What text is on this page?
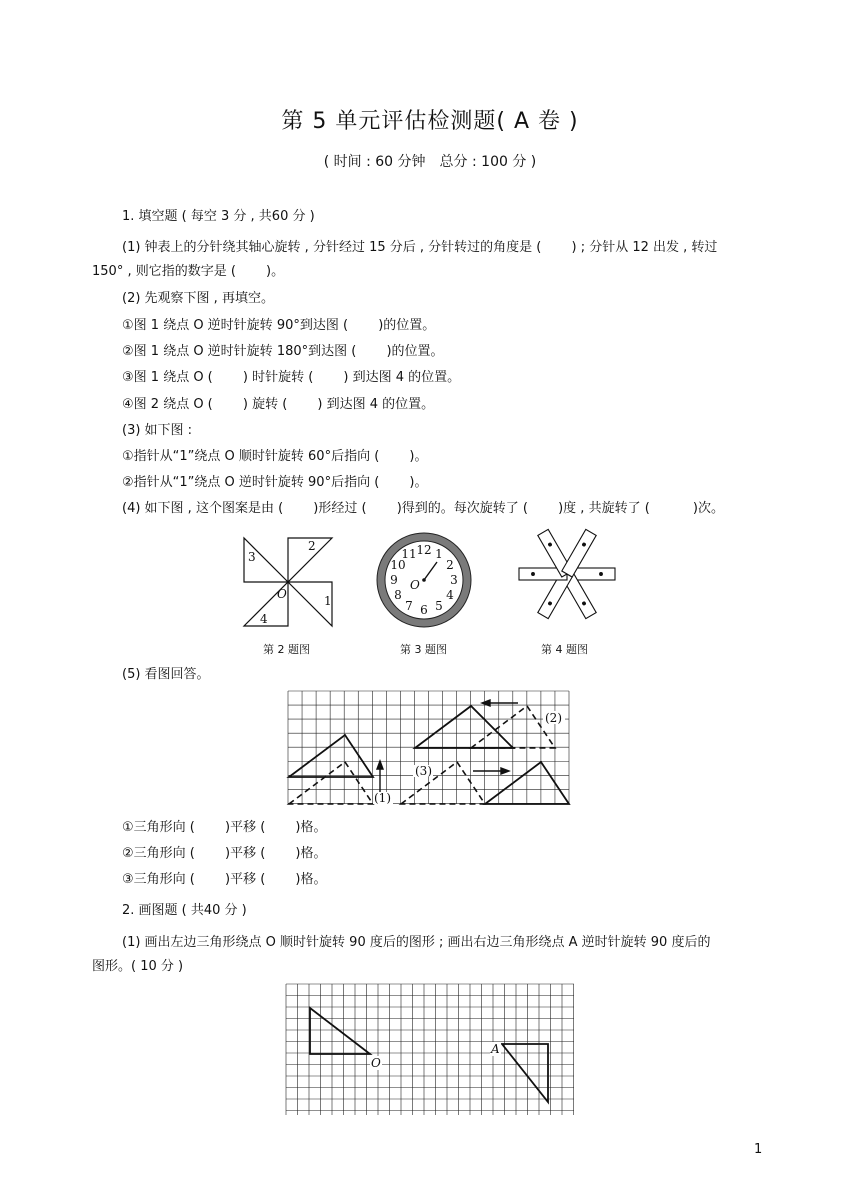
第 5 单元评估检测题( A 卷 )
( 时间 : 60 分钟　总分 : 100 分 )
1. 填空题 ( 每空 3 分 , 共60 分 )
(1) 钟表上的分针绕其轴心旋转 , 分针经过 15 分后 , 分针转过的角度是 (　　 ) ; 分针从 12 出发 , 转过
150° , 则它指的数字是 (　　 )。
(2) 先观察下图 , 再填空。
①图 1 绕点 O 逆时针旋转 90°到达图 (　　 )的位置。
②图 1 绕点 O 逆时针旋转 180°到达图 (　　 )的位置。
③图 1 绕点 O (　　 ) 时针旋转 (　　 ) 到达图 4 的位置。
④图 2 绕点 O (　　 ) 旋转 (　　 ) 到达图 4 的位置。
(3) 如下图 :
①指针从“1”绕点 O 顺时针旋转 60°后指向 (　　 )。
②指针从“1”绕点 O 逆时针旋转 90°后指向 (　　 )。
(4) 如下图 , 这个图案是由 (　　 )形经过 (　　 )得到的。每次旋转了 (　　 )度 , 共旋转了 (　　　 )次。
3
2
1
4
O
12 1
2
3
4
5
6
7
8
9
10
11
O
第 2 题图	第 3 题图	第 4 题图
(5) 看图回答。
(1)
(2)
(3)
①三角形向 (　　 )平移 (　　 )格。
②三角形向 (　　 )平移 (　　 )格。
③三角形向 (　　 )平移 (　　 )格。
2. 画图题 ( 共40 分 )
(1) 画出左边三角形绕点 O 顺时针旋转 90 度后的图形 ; 画出右边三角形绕点 A 逆时针旋转 90 度后的
图形。( 10 分 )
O
A
1
